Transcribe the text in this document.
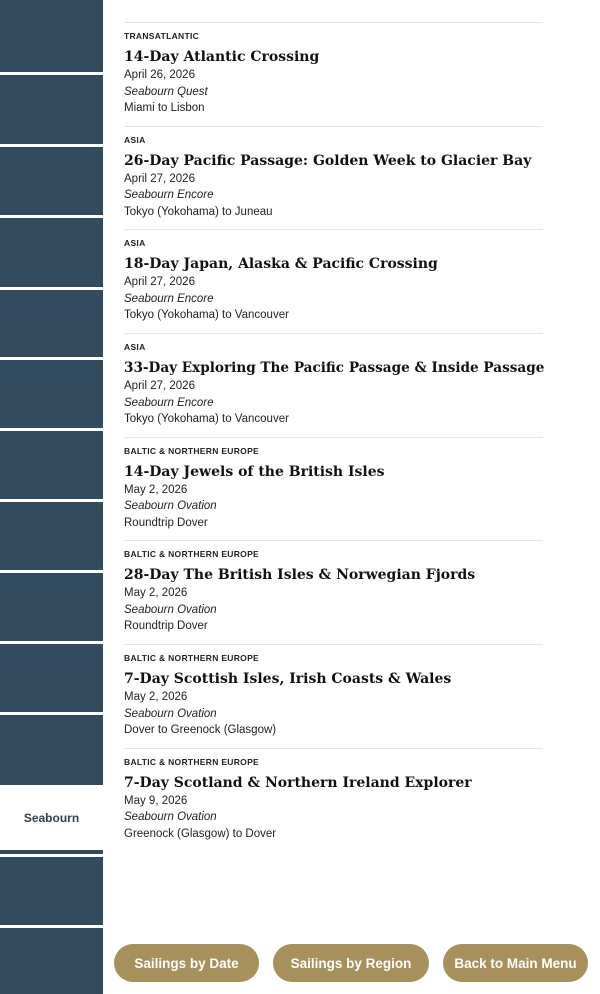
Seabourn
TRANSATLANTIC
14-Day Atlantic Crossing
April 26, 2026
Seabourn Quest
Miami to Lisbon
ASIA
26-Day Pacific Passage: Golden Week to Glacier Bay
April 27, 2026
Seabourn Encore
Tokyo (Yokohama) to Juneau
ASIA
18-Day Japan, Alaska & Pacific Crossing
April 27, 2026
Seabourn Encore
Tokyo (Yokohama) to Vancouver
ASIA
33-Day Exploring The Pacific Passage & Inside Passage
April 27, 2026
Seabourn Encore
Tokyo (Yokohama) to Vancouver
BALTIC & NORTHERN EUROPE
14-Day Jewels of the British Isles
May 2, 2026
Seabourn Ovation
Roundtrip Dover
BALTIC & NORTHERN EUROPE
28-Day The British Isles & Norwegian Fjords
May 2, 2026
Seabourn Ovation
Roundtrip Dover
BALTIC & NORTHERN EUROPE
7-Day Scottish Isles, Irish Coasts & Wales
May 2, 2026
Seabourn Ovation
Dover to Greenock (Glasgow)
BALTIC & NORTHERN EUROPE
7-Day Scotland & Northern Ireland Explorer
May 9, 2026
Seabourn Ovation
Greenock (Glasgow) to Dover
Sailings by Date	Sailings by Region	Back to Main Menu
